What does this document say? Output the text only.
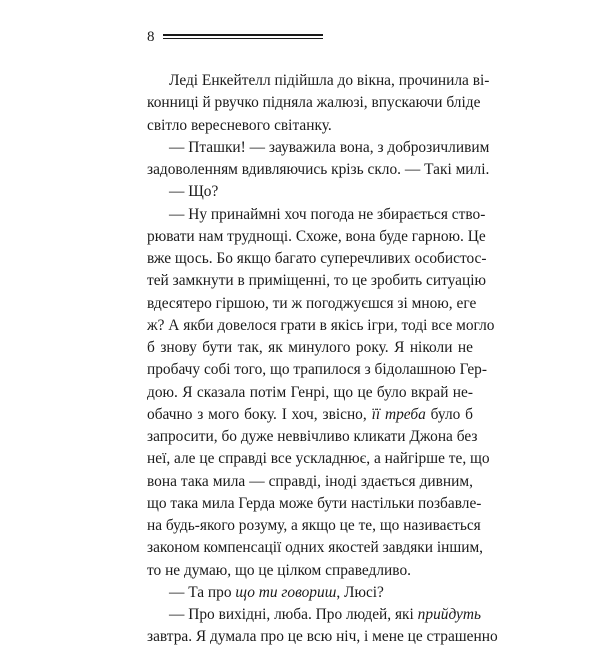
8
Леді Енкейтелл підійшла до вікна, прочинила ві-
конниці й рвучко підняла жалюзі, впускаючи бліде
світло вересневого світанку.
— Пташки! — зауважила вона, з доброзичливим
задоволенням вдивляючись крізь скло. — Такі милі.
— Що?
— Ну принаймні хоч погода не збирається ство-
рювати нам труднощі. Схоже, вона буде гарною. Це
вже щось. Бо якщо багато суперечливих особистос-
тей замкнути в приміщенні, то це зробить ситуацію
вдесятеро гіршою, ти ж погоджуєшся зі мною, еге
ж? А якби довелося грати в якісь ігри, тоді все могло
б знову бути так, як минулого року. Я ніколи не
пробачу собі того, що трапилося з бідолашною Гер-
дою. Я сказала потім Генрі, що це було вкрай не-
обачно з мого боку. І хоч, звісно, її треба було б
запросити, бо дуже неввічливо кликати Джона без
неї, але це справді все ускладнює, а найгірше те, що
вона така мила — справді, іноді здається дивним,
що така мила Герда може бути настільки позбавле-
на будь-якого розуму, а якщо це те, що називається
законом компенсації одних якостей завдяки іншим,
то не думаю, що це цілком справедливо.
— Та про що ти говориш, Люсі?
— Про вихідні, люба. Про людей, які прийдуть
завтра. Я думала про це всю ніч, і мене це страшенно
